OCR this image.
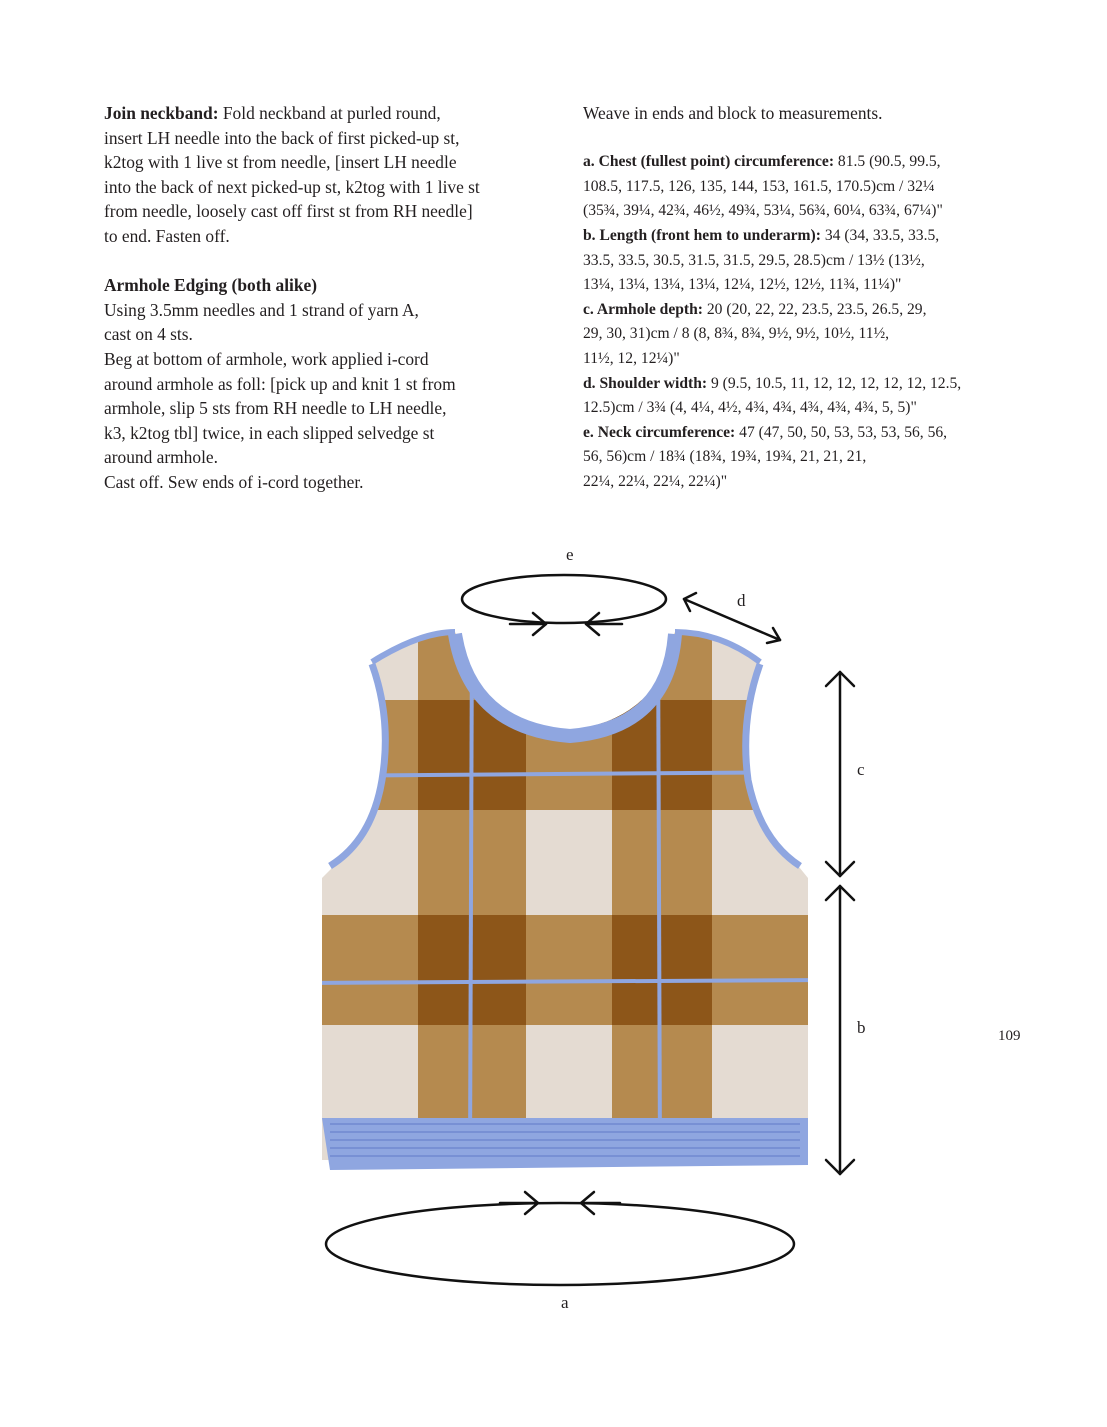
Join neckband: Fold neckband at purled round,
insert LH needle into the back of first picked-up st,
k2tog with 1 live st from needle, [insert LH needle
into the back of next picked-up st, k2tog with 1 live st
from needle, loosely cast off first st from RH needle]
to end. Fasten off.

Armhole Edging (both alike)
Using 3.5mm needles and 1 strand of yarn A,
cast on 4 sts.
Beg at bottom of armhole, work applied i-cord
around armhole as foll: [pick up and knit 1 st from
armhole, slip 5 sts from RH needle to LH needle,
k3, k2tog tbl] twice, in each slipped selvedge st
around armhole.
Cast off. Sew ends of i-cord together.

Weave in ends and block to measurements.

a. Chest (fullest point) circumference: 81.5 (90.5, 99.5,
108.5, 117.5, 126, 135, 144, 153, 161.5, 170.5)cm / 32¼
(35¾, 39¼, 42¾, 46½, 49¾, 53¼, 56¾, 60¼, 63¾, 67¼)"
b. Length (front hem to underarm): 34 (34, 33.5, 33.5,
33.5, 33.5, 30.5, 31.5, 31.5, 29.5, 28.5)cm / 13½ (13½,
13¼, 13¼, 13¼, 13¼, 12¼, 12½, 12½, 11¾, 11¼)"
c. Armhole depth: 20 (20, 22, 22, 23.5, 23.5, 26.5, 29,
29, 30, 31)cm / 8 (8, 8¾, 8¾, 9½, 9½, 10½, 11½,
11½, 12, 12¼)"
d. Shoulder width: 9 (9.5, 10.5, 11, 12, 12, 12, 12, 12, 12.5,
12.5)cm / 3¾ (4, 4¼, 4½, 4¾, 4¾, 4¾, 4¾, 4¾, 5, 5)"
e. Neck circumference: 47 (47, 50, 50, 53, 53, 53, 56, 56,
56, 56)cm / 18¾ (18¾, 19¾, 19¾, 21, 21, 21,
22¼, 22¼, 22¼, 22¼)"

e
d
c
b
a
109
